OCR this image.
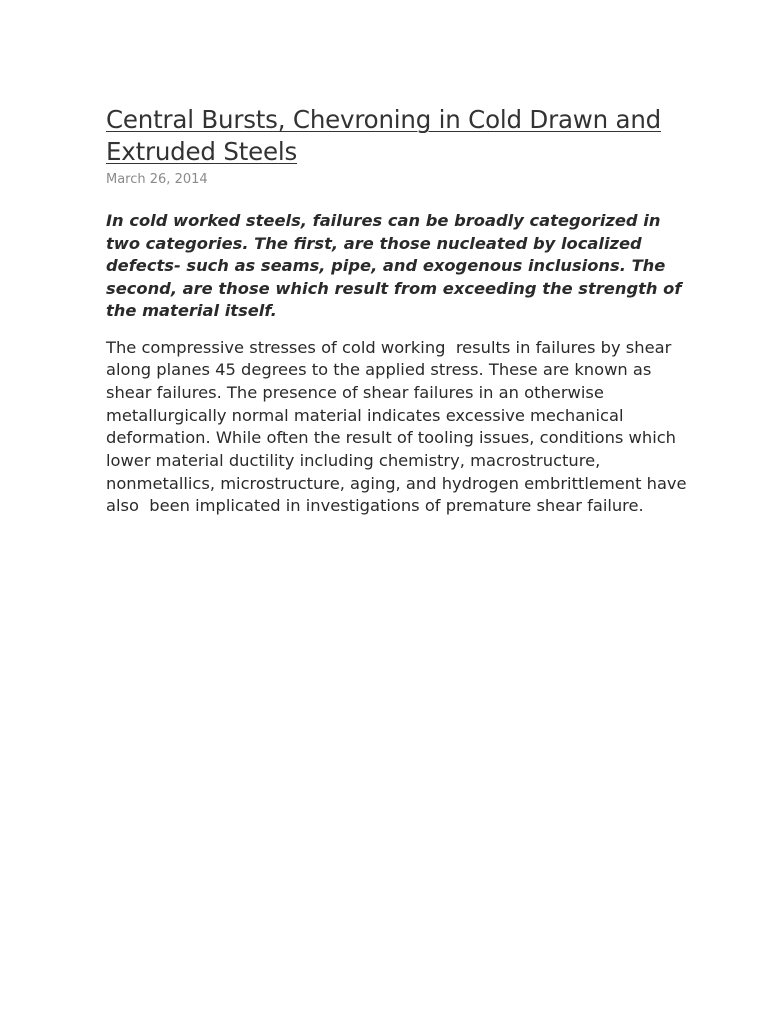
Central Bursts, Chevroning in Cold Drawn and Extruded Steels
March 26, 2014

In cold worked steels, failures can be broadly categorized in two categories. The first, are those nucleated by localized defects- such as seams, pipe, and exogenous inclusions. The second, are those which result from exceeding the strength of the material itself.

The compressive stresses of cold working  results in failures by shear  along planes 45 degrees to the applied stress. These are known as shear failures. The presence of shear failures in an otherwise metallurgically normal material indicates excessive mechanical deformation. While often the result of tooling issues, conditions which lower material ductility including chemistry, macrostructure, nonmetallics, microstructure, aging, and hydrogen embrittlement have also  been implicated in investigations of premature shear failure.
